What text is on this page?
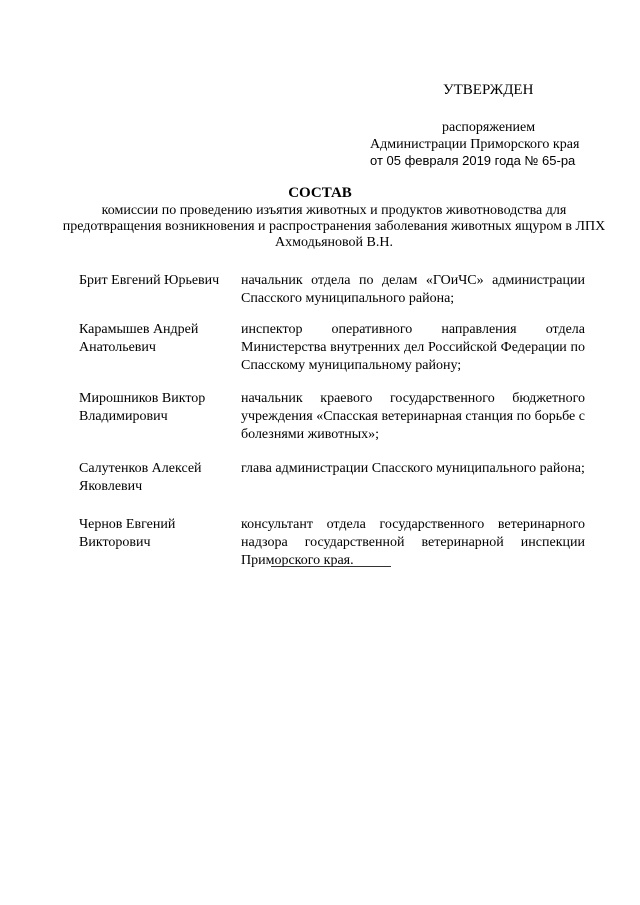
УТВЕРЖДЕН
распоряжением
Администрации Приморского края
от 05 февраля 2019 года № 65-ра
СОСТАВ
комиссии по проведению изъятия животных и продуктов животноводства для предотвращения возникновения и распространения заболевания животных ящуром в ЛПХ Ахмодьяновой В.Н.
Брит Евгений Юрьевич	начальник отдела по делам «ГОиЧС» администрации Спасского муниципального района;
Карамышев Андрей Анатольевич
инспектор оперативного направления отдела Министерства внутренних дел Российской Федерации по Спасскому муниципальному району;
Мирошников Виктор Владимирович
начальник краевого государственного бюджетного учреждения «Спасская ветеринарная станция по борьбе с болезнями животных»;
Салутенков Алексей Яковлевич
глава администрации Спасского муниципального района;
Чернов Евгений Викторович
консультант отдела государственного ветеринарного надзора государственной ветеринарной инспекции Приморского края.
